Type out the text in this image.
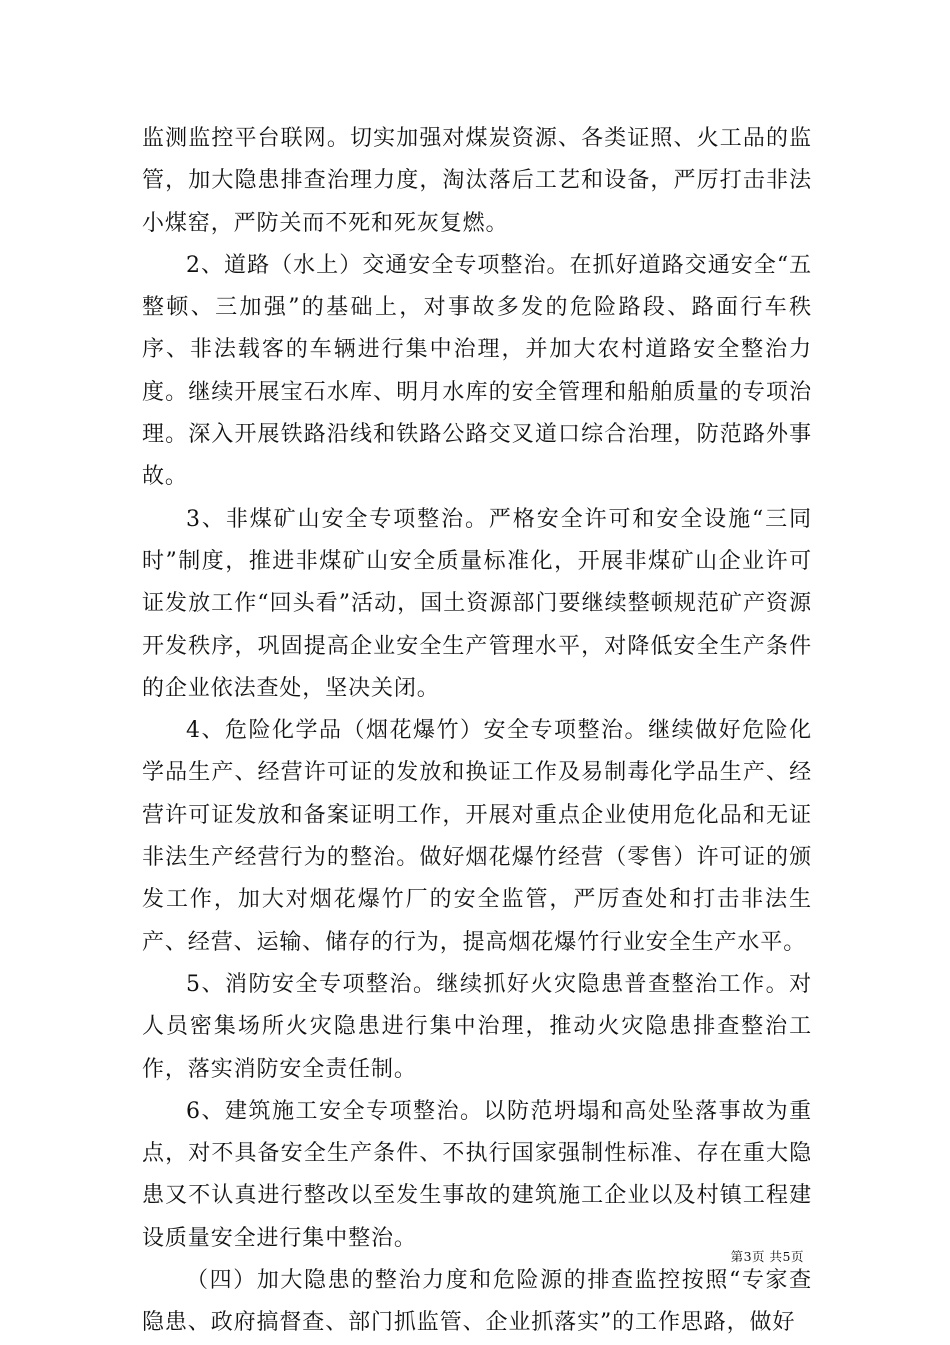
监测监控平台联网。切实加强对煤炭资源、各类证照、火工品的监管，加大隐患排查治理力度，淘汰落后工艺和设备，严厉打击非法小煤窑，严防关而不死和死灰复燃。

2、道路（水上）交通安全专项整治。在抓好道路交通安全“五整顿、三加强”的基础上，对事故多发的危险路段、路面行车秩序、非法载客的车辆进行集中治理，并加大农村道路安全整治力度。继续开展宝石水库、明月水库的安全管理和船舶质量的专项治理。深入开展铁路沿线和铁路公路交叉道口综合治理，防范路外事故。

3、非煤矿山安全专项整治。严格安全许可和安全设施“三同时”制度，推进非煤矿山安全质量标准化，开展非煤矿山企业许可证发放工作“回头看”活动，国土资源部门要继续整顿规范矿产资源开发秩序，巩固提高企业安全生产管理水平，对降低安全生产条件的企业依法查处，坚决关闭。

4、危险化学品（烟花爆竹）安全专项整治。继续做好危险化学品生产、经营许可证的发放和换证工作及易制毒化学品生产、经营许可证发放和备案证明工作，开展对重点企业使用危化品和无证非法生产经营行为的整治。做好烟花爆竹经营（零售）许可证的颁发工作，加大对烟花爆竹厂的安全监管，严厉查处和打击非法生产、经营、运输、储存的行为，提高烟花爆竹行业安全生产水平。

5、消防安全专项整治。继续抓好火灾隐患普查整治工作。对人员密集场所火灾隐患进行集中治理，推动火灾隐患排查整治工作，落实消防安全责任制。

6、建筑施工安全专项整治。以防范坍塌和高处坠落事故为重点，对不具备安全生产条件、不执行国家强制性标准、存在重大隐患又不认真进行整改以至发生事故的建筑施工企业以及村镇工程建设质量安全进行集中整治。

（四）加大隐患的整治力度和危险源的排查监控按照“专家查隐患、政府搞督查、部门抓监管、企业抓落实”的工作思路，做好

第3页 共5页
